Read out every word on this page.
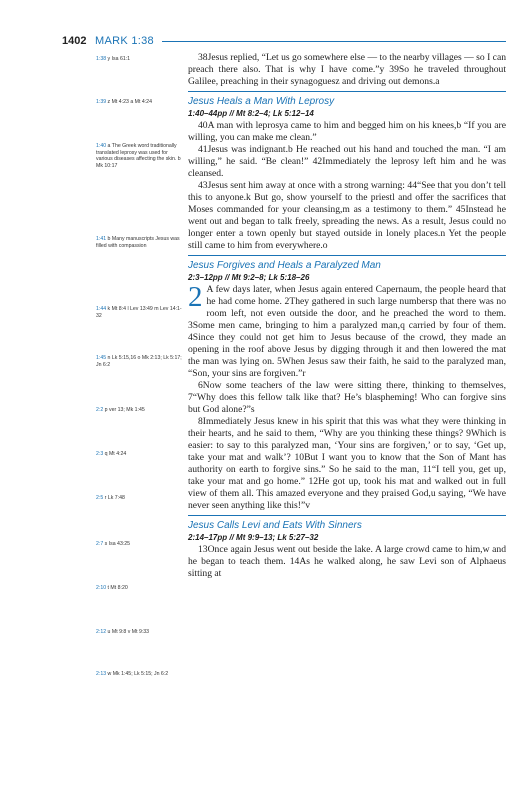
1402 MARK 1:38
1:38 y Isa 61:1
1:39 z Mt 4:23 a Mt 4:24
1:40 a The Greek word traditionally translated leprosy was used for various diseases affecting the skin. b Mk 10:17
1:41 b Many manuscripts Jesus was filled with compassion
1:44 k Mt 8:4 l Lev 13:49 m Lev 14:1-32
1:45 n Lk 5:15,16 o Mk 2:13; Lk 5:17; Jn 6:2
2:2 p ver 13; Mk 1:45
2:3 q Mt 4:24
2:5 r Lk 7:48
2:7 s Isa 43:25
2:10 t Mt 8:20
2:12 u Mt 9:8 v Mt 9:33
2:13 w Mk 1:45; Lk 5:15; Jn 6:2

38Jesus replied, “Let us go somewhere else — to the nearby villages — so I can preach there also. That is why I have come.”y 39So he traveled throughout Galilee, preaching in their synagoguesz and driving out demons.a

Jesus Heals a Man With Leprosy
1:40–44pp // Mt 8:2–4; Lk 5:12–14

40A man with leprosya came to him and begged him on his knees,b “If you are willing, you can make me clean.”

41Jesus was indignant.b He reached out his hand and touched the man. “I am willing,” he said. “Be clean!” 42Immediately the leprosy left him and he was cleansed.

43Jesus sent him away at once with a strong warning: 44“See that you don’t tell this to anyone.k But go, show yourself to the priestl and offer the sacrifices that Moses commanded for your cleansing,m as a testimony to them.” 45Instead he went out and began to talk freely, spreading the news. As a result, Jesus could no longer enter a town openly but stayed outside in lonely places.n Yet the people still came to him from everywhere.o

Jesus Forgives and Heals a Paralyzed Man
2:3–12pp // Mt 9:2–8; Lk 5:18–26

2 A few days later, when Jesus again entered Capernaum, the people heard that he had come home. 2They gathered in such large numbersp that there was no room left, not even outside the door, and he preached the word to them. 3Some men came, bringing to him a paralyzed man,q carried by four of them. 4Since they could not get him to Jesus because of the crowd, they made an opening in the roof above Jesus by digging through it and then lowered the mat the man was lying on. 5When Jesus saw their faith, he said to the paralyzed man, “Son, your sins are forgiven.”r

6Now some teachers of the law were sitting there, thinking to themselves, 7“Why does this fellow talk like that? He’s blaspheming! Who can forgive sins but God alone?”s

8Immediately Jesus knew in his spirit that this was what they were thinking in their hearts, and he said to them, “Why are you thinking these things? 9Which is easier: to say to this paralyzed man, ‘Your sins are forgiven,’ or to say, ‘Get up, take your mat and walk’? 10But I want you to know that the Son of Mant has authority on earth to forgive sins.” So he said to the man, 11“I tell you, get up, take your mat and go home.” 12He got up, took his mat and walked out in full view of them all. This amazed everyone and they praised God,u saying, “We have never seen anything like this!”v

Jesus Calls Levi and Eats With Sinners
2:14–17pp // Mt 9:9–13; Lk 5:27–32

13Once again Jesus went out beside the lake. A large crowd came to him,w and he began to teach them. 14As he walked along, he saw Levi son of Alphaeus sitting at
